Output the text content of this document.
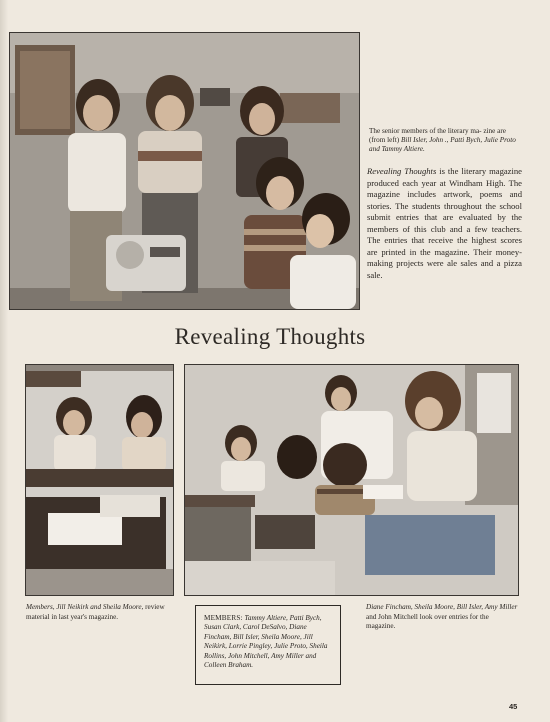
The senior members of the literary ma- zine are (from left) Bill Isler, John ., Patti Bych, Julie Proto and Tammy Altiere.
Revealing Thoughts is the literary magazine produced each year at Windham High. The magazine includes artwork, poems and stories. The students throughout the school submit entries that are evaluated by the members of this club and a few teachers. The entries that receive the highest scores are printed in the magazine. Their money-making projects were ale sales and a pizza sale.
Revealing Thoughts
Members, Jill Neikirk and Sheila Moore, review material in last year's magazine.	MEMBERS: Tammy Altiere, Patti Bych, Susan Clark, Carol DeSalvo, Diane Fincham, Bill Isler, Sheila Moore, Jill Neikirk, Lorrie Pingley, Julie Proto, Sheila Rollins, John Mitchell, Amy Miller and Colleen Braham.
Diane Fincham, Sheila Moore, Bill Isler, Amy Miller and John Mitchell look over entries for the magazine.
45
